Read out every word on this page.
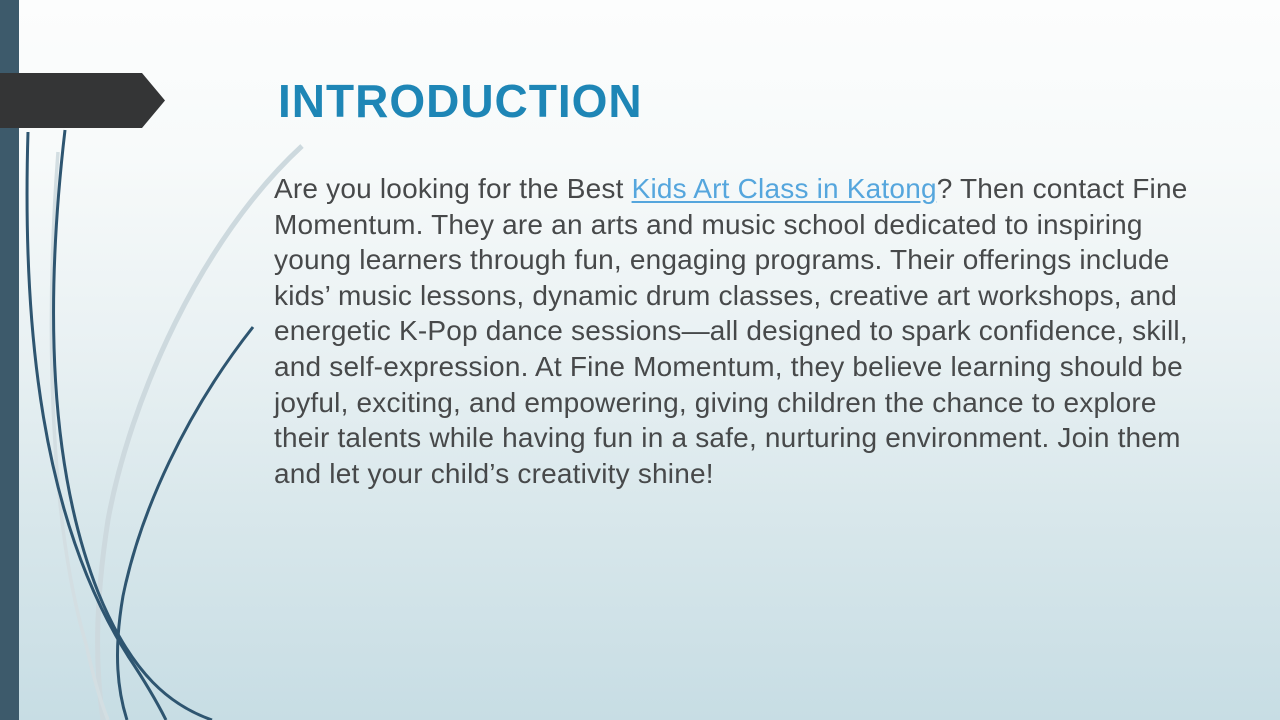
INTRODUCTION
Are you looking for the Best Kids Art Class in Katong? Then contact Fine Momentum. They are an arts and music school dedicated to inspiring young learners through fun, engaging programs. Their offerings include kids’ music lessons, dynamic drum classes, creative art workshops, and energetic K-Pop dance sessions—all designed to spark confidence, skill, and self-expression. At Fine Momentum, they believe learning should be joyful, exciting, and empowering, giving children the chance to explore their talents while having fun in a safe, nurturing environment. Join them and let your child’s creativity shine!
